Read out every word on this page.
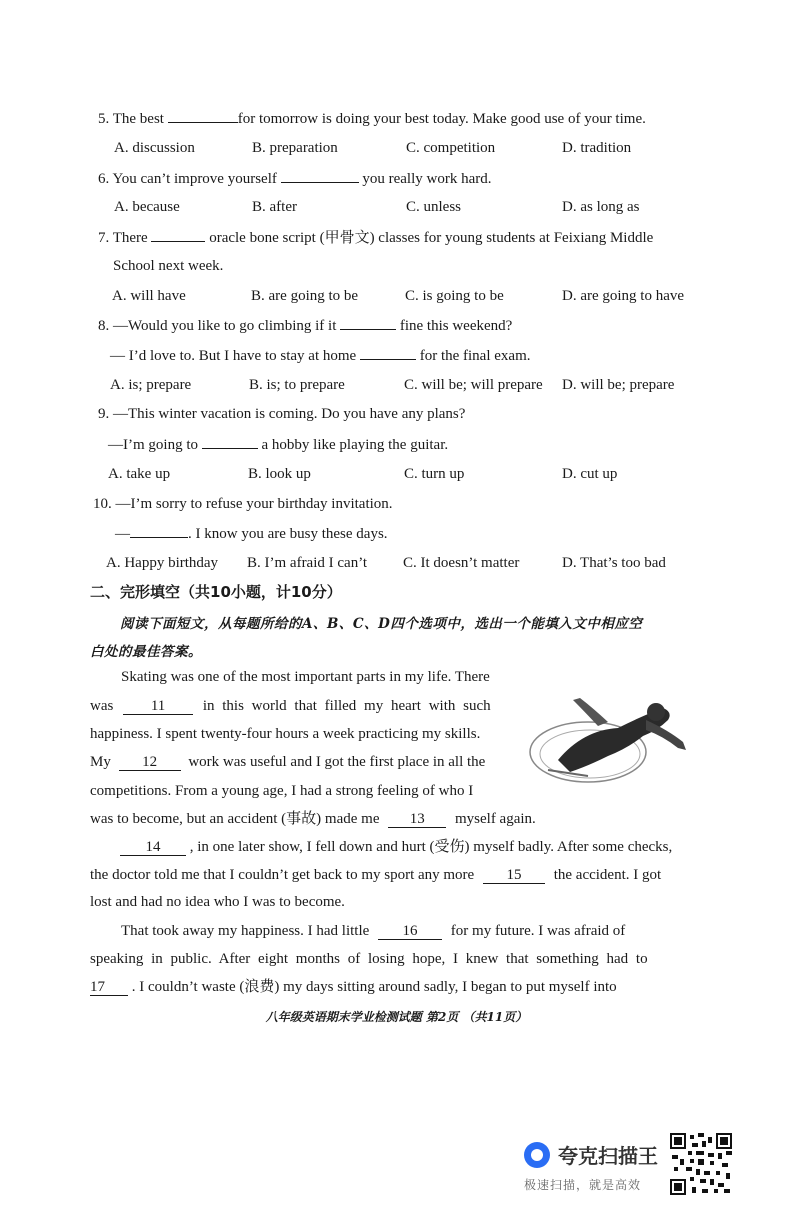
5. The best	for tomorrow is doing your best today. Make good use of your time.
A. discussion	B. preparation	C. competition	D. tradition
6. You can’t improve yourself	you really work hard.
A. because	B. after	C. unless	D. as long as
7. There	oracle bone script (甲骨文) classes for young students at Feixiang Middle
School next week.
A. will have	B. are going to be	C. is going to be	D. are going to have
8. —Would you like to go climbing if it	fine this weekend?
— I’d love to. But I have to stay at home	for the final exam.
A. is; prepare	B. is; to prepare	C. will be; will prepare D. will be; prepare
9. —This winter vacation is coming. Do you have any plans?
—I’m going to	a hobby like playing the guitar.
A. take up	B. look up	C. turn up	D. cut up
10. —I’m sorry to refuse your birthday invitation.
—	. I know you are busy these days.
A. Happy birthday B. I’m afraid I can’t C. It doesn’t matter	D. That’s too bad
二、完形填空（共10小题，计10分）
阅读下面短文，从每题所给的A、B、C、D四个选项中，选出一个能填入文中相应空
白处的最佳答案。
Skating was one of the most important parts in my life. There
was	11	in this world that filled my heart with such
happiness. I spent twenty-four hours a week practicing my skills.
My 12 work was useful and I got the first place in all the
competitions. From a young age, I had a strong feeling of who I
was to become, but an accident (事故) made me 13 myself again.
14 , in one later show, I fell down and hurt (受伤) myself badly. After some checks,
the doctor told me that I couldn’t get back to my sport any more 15 the accident. I got
lost and had no idea who I was to become.
That took away my happiness. I had little 16 for my future. I was afraid of
speaking in public. After eight months of losing hope, I knew that something had to
17 . I couldn’t waste (浪费) my days sitting around sadly, I began to put myself into
八年级英语期末学业检测试题 第2页 （共11页）
夸克扫描王
极速扫描，就是高效
